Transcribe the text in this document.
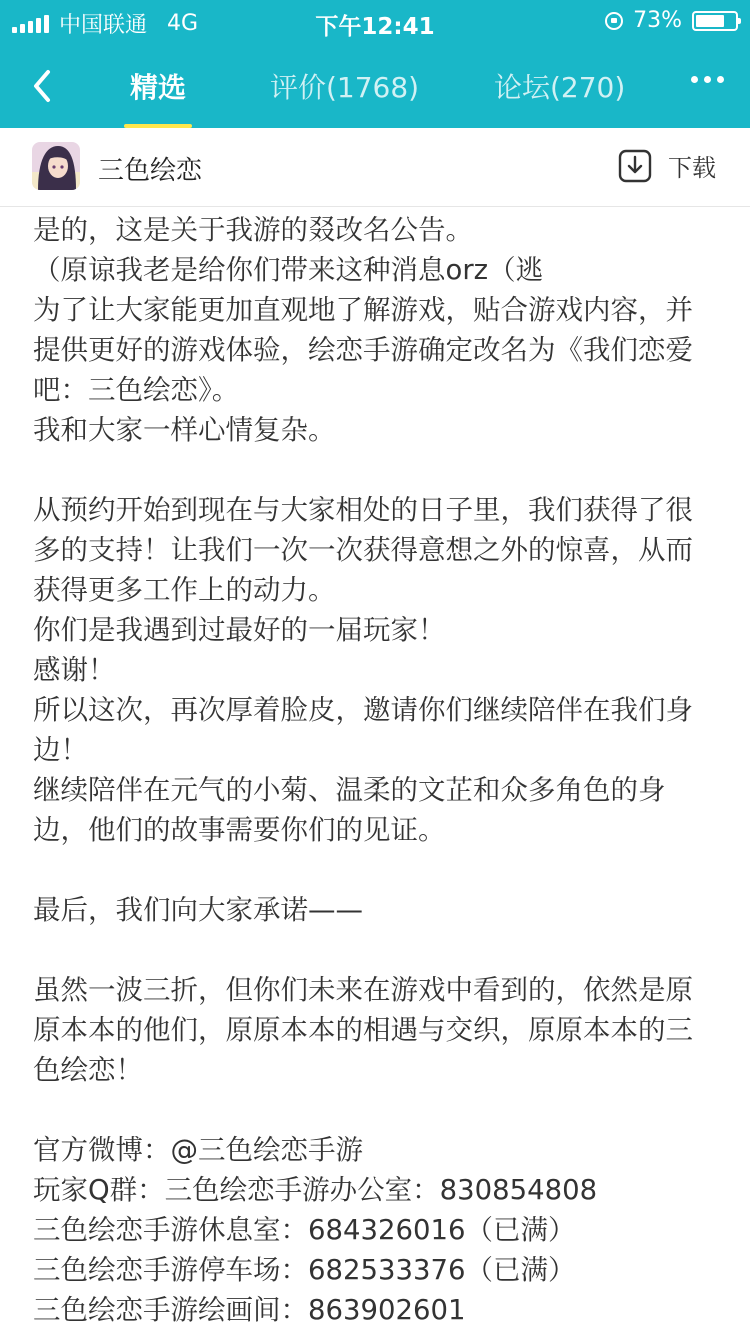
中国联通 4G	下午12:41	73%
精选	评价(1768)	论坛(270)
三色绘恋	下载

是的，这是关于我游的叕改名公告。

（原谅我老是给你们带来这种消息orz（逃

为了让大家能更加直观地了解游戏，贴合游戏内容，并

提供更好的游戏体验，绘恋手游确定改名为《我们恋爱

吧：三色绘恋》。

我和大家一样心情复杂。

从预约开始到现在与大家相处的日子里，我们获得了很

多的支持！让我们一次一次获得意想之外的惊喜，从而

获得更多工作上的动力。

你们是我遇到过最好的一届玩家！

感谢！

所以这次，再次厚着脸皮，邀请你们继续陪伴在我们身

边！

继续陪伴在元气的小菊、温柔的文芷和众多角色的身

边，他们的故事需要你们的见证。

最后，我们向大家承诺——

虽然一波三折，但你们未来在游戏中看到的，依然是原

原本本的他们，原原本本的相遇与交织，原原本本的三

色绘恋！

官方微博：@三色绘恋手游

玩家Q群：三色绘恋手游办公室：830854808

三色绘恋手游休息室：684326016（已满）

三色绘恋手游停车场：682533376（已满）

三色绘恋手游绘画间：863902601
